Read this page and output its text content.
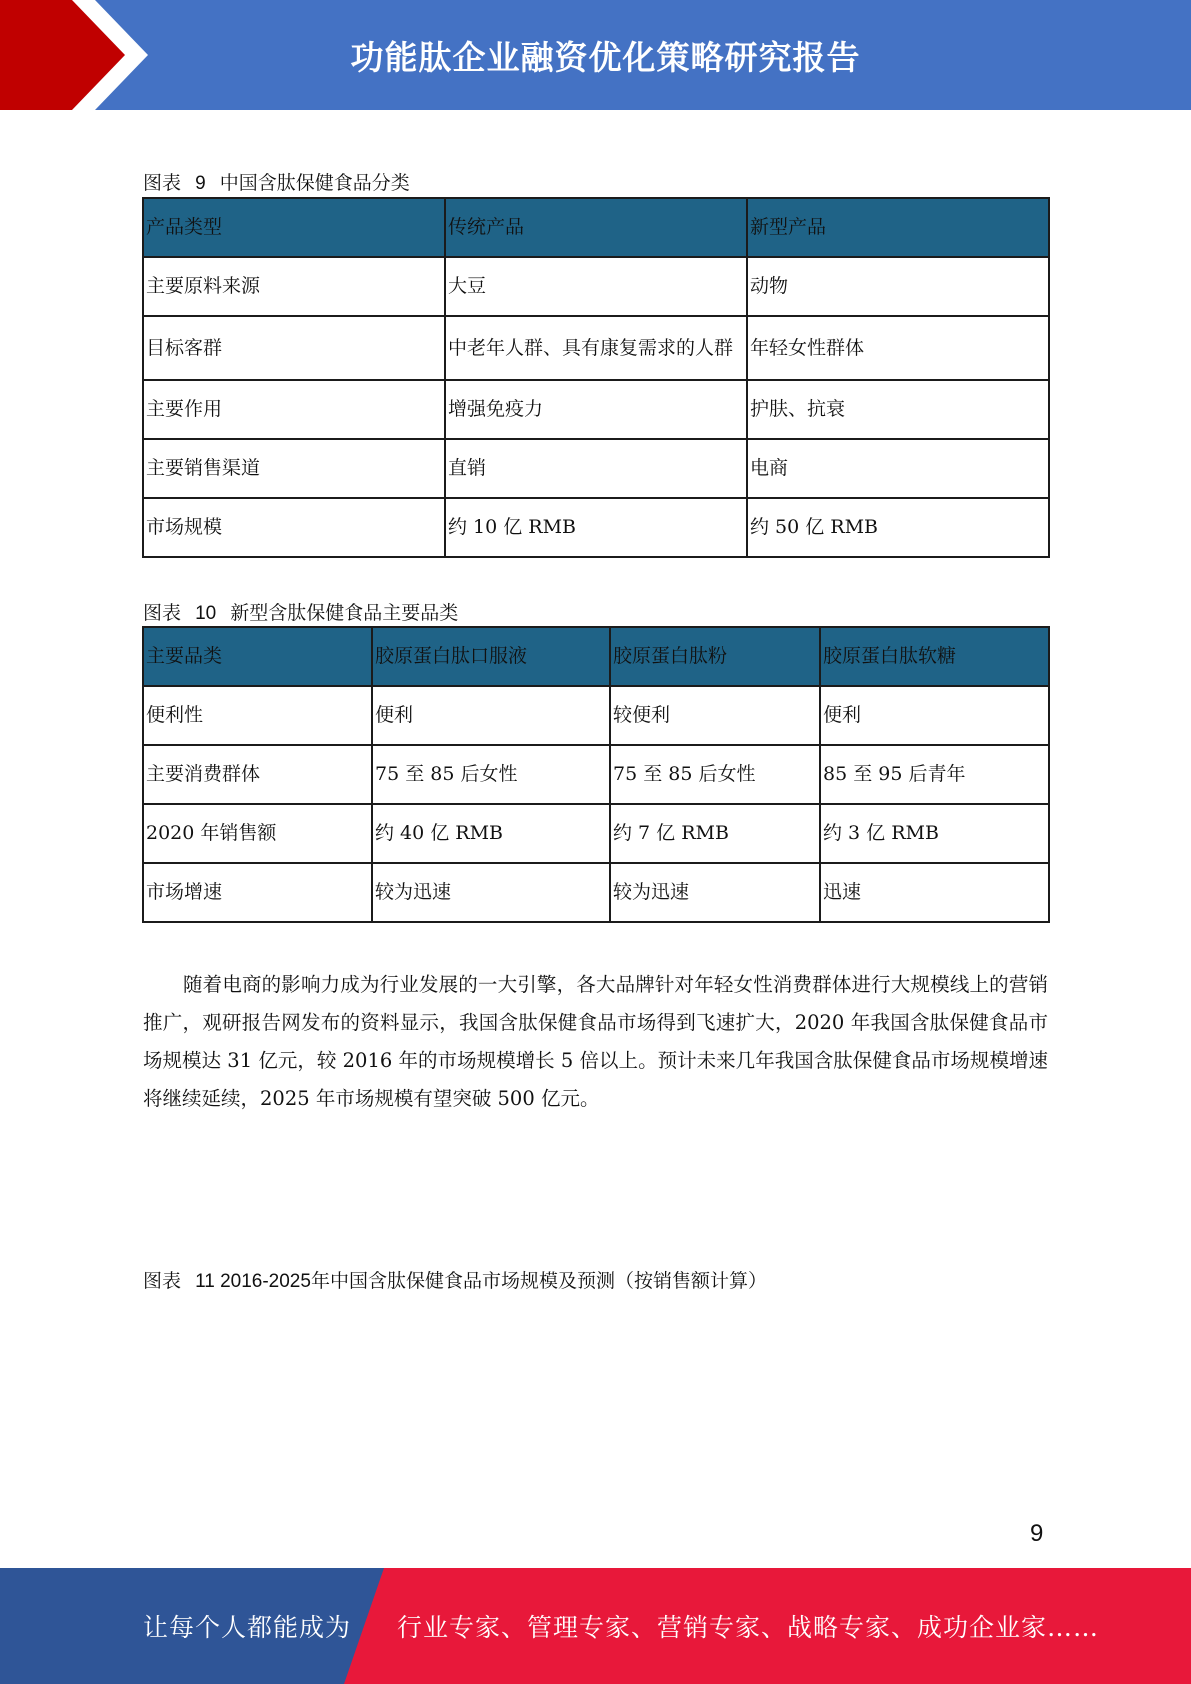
功能肽企业融资优化策略研究报告
图表 9 中国含肽保健食品分类
产品类型	传统产品	新型产品
主要原料来源	大豆	动物
目标客群	中老年人群、具有康复需求的人群	年轻女性群体
主要作用	增强免疫力	护肤、抗衰
主要销售渠道	直销	电商
市场规模	约 10 亿 RMB	约 50 亿 RMB
图表 10 新型含肽保健食品主要品类
主要品类	胶原蛋白肽口服液	胶原蛋白肽粉	胶原蛋白肽软糖
便利性	便利	较便利	便利
主要消费群体	75 至 85 后女性	75 至 85 后女性	85 至 95 后青年
2020 年销售额	约 40 亿 RMB	约 7 亿 RMB	约 3 亿 RMB
市场增速	较为迅速	较为迅速	迅速

随着电商的影响力成为行业发展的一大引擎，各大品牌针对年轻女性消费群体进行大规模线上的营销推广，观研报告网发布的资料显示，我国含肽保健食品市场得到飞速扩大，2020 年我国含肽保健食品市场规模达 31 亿元，较 2016 年的市场规模增长 5 倍以上。预计未来几年我国含肽保健食品市场规模增速将继续延续，2025 年市场规模有望突破 500 亿元。

图表 11 2016-2025年中国含肽保健食品市场规模及预测（按销售额计算）
9
让每个人都能成为 行业专家、管理专家、营销专家、战略专家、成功企业家……
